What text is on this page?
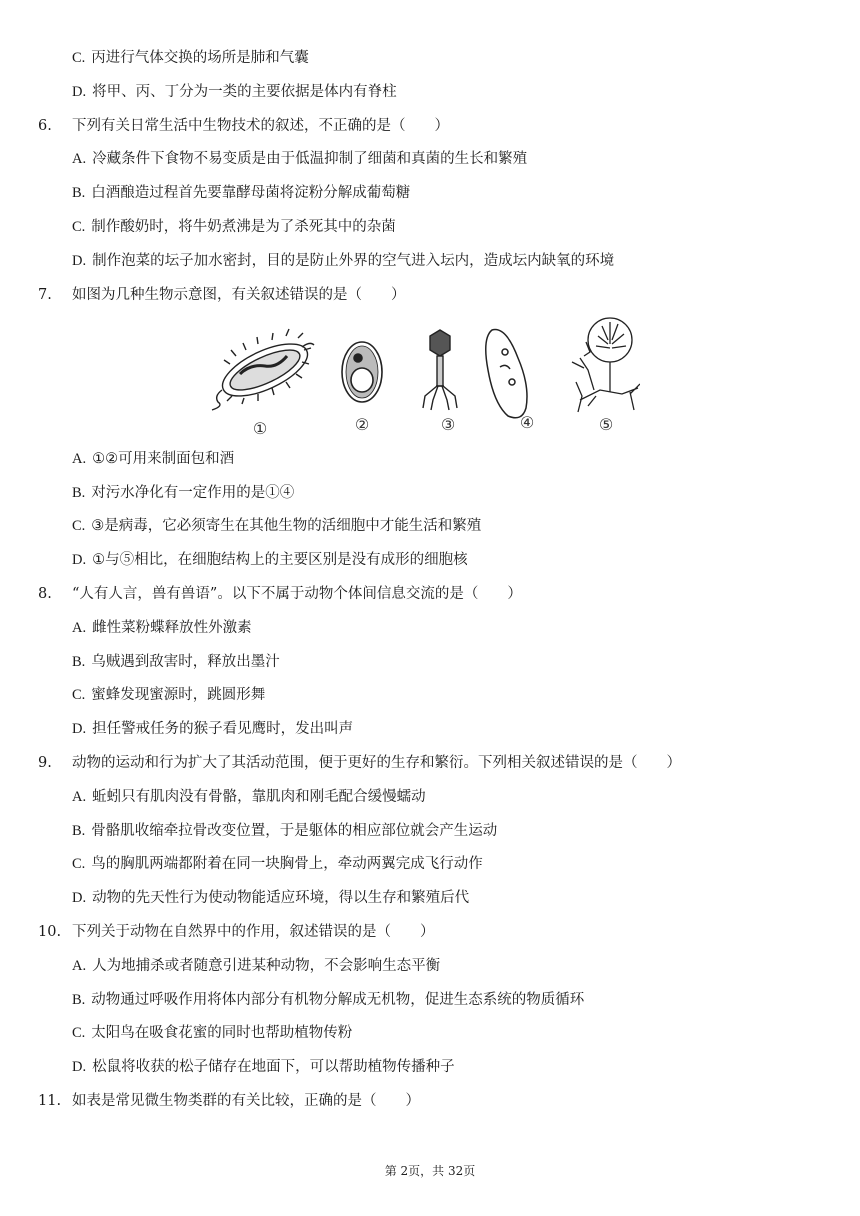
C. 丙进行气体交换的场所是肺和气囊
D. 将甲、丙、丁分为一类的主要依据是体内有脊柱
6. 下列有关日常生活中生物技术的叙述，不正确的是（　　）
A. 冷藏条件下食物不易变质是由于低温抑制了细菌和真菌的生长和繁殖
B. 白酒酿造过程首先要靠酵母菌将淀粉分解成葡萄糖
C. 制作酸奶时，将牛奶煮沸是为了杀死其中的杂菌
D. 制作泡菜的坛子加水密封，目的是防止外界的空气进入坛内，造成坛内缺氧的环境
7. 如图为几种生物示意图，有关叙述错误的是（　　）
①	②	③	④	⑤
A. ①②可用来制面包和酒
B. 对污水净化有一定作用的是①④
C. ③是病毒，它必须寄生在其他生物的活细胞中才能生活和繁殖
D. ①与⑤相比，在细胞结构上的主要区别是没有成形的细胞核
8. “人有人言，兽有兽语”。以下不属于动物个体间信息交流的是（　　）
A. 雌性菜粉蝶释放性外激素
B. 乌贼遇到敌害时，释放出墨汁
C. 蜜蜂发现蜜源时，跳圆形舞
D. 担任警戒任务的猴子看见鹰时，发出叫声
9. 动物的运动和行为扩大了其活动范围，便于更好的生存和繁衍。下列相关叙述错误的是（　　）
A. 蚯蚓只有肌肉没有骨骼，靠肌肉和刚毛配合缓慢蠕动
B. 骨骼肌收缩牵拉骨改变位置，于是躯体的相应部位就会产生运动
C. 鸟的胸肌两端都附着在同一块胸骨上，牵动两翼完成飞行动作
D. 动物的先天性行为使动物能适应环境，得以生存和繁殖后代
10. 下列关于动物在自然界中的作用，叙述错误的是（　　）
A. 人为地捕杀或者随意引进某种动物，不会影响生态平衡
B. 动物通过呼吸作用将体内部分有机物分解成无机物，促进生态系统的物质循环
C. 太阳鸟在吸食花蜜的同时也帮助植物传粉
D. 松鼠将收获的松子储存在地面下，可以帮助植物传播种子
11. 如表是常见微生物类群的有关比较，正确的是（　　）
第 2页，共 32页
